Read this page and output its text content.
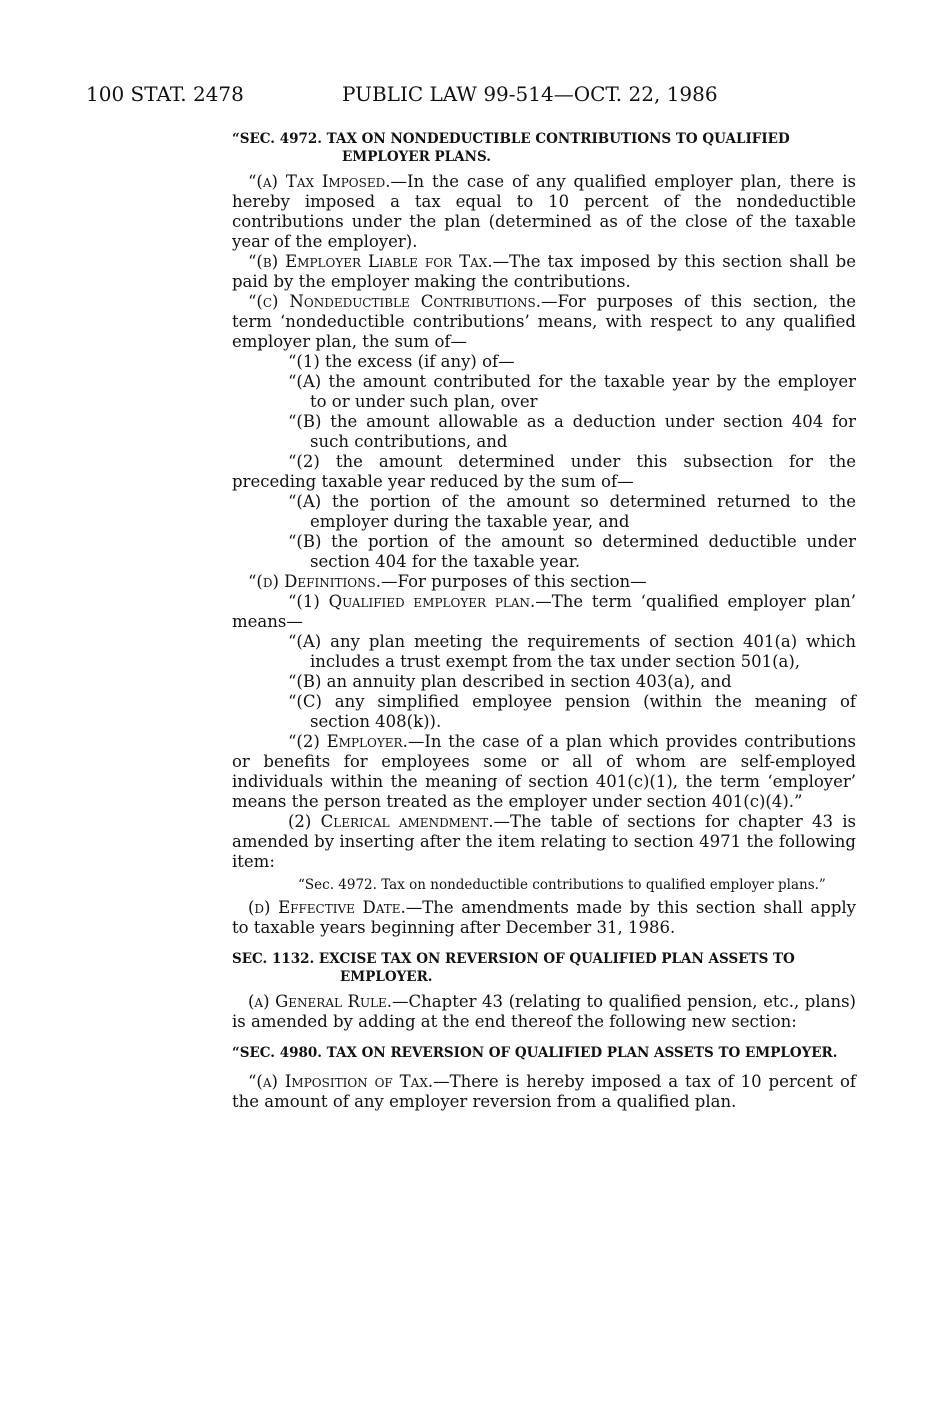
100 STAT. 2478	PUBLIC LAW 99-514—OCT. 22, 1986
“SEC. 4972. TAX ON NONDEDUCTIBLE CONTRIBUTIONS TO QUALIFIED EMPLOYER PLANS.

“(a) Tax Imposed.—In the case of any qualified employer plan, there is hereby imposed a tax equal to 10 percent of the nondeductible contributions under the plan (determined as of the close of the taxable year of the employer).

“(b) Employer Liable for Tax.—The tax imposed by this section shall be paid by the employer making the contributions.

“(c) Nondeductible Contributions.—For purposes of this section, the term ‘nondeductible contributions’ means, with respect to any qualified employer plan, the sum of—

“(1) the excess (if any) of—

“(A) the amount contributed for the taxable year by the employer to or under such plan, over

“(B) the amount allowable as a deduction under section 404 for such contributions, and

“(2) the amount determined under this subsection for the preceding taxable year reduced by the sum of—

“(A) the portion of the amount so determined returned to the employer during the taxable year, and

“(B) the portion of the amount so determined deductible under section 404 for the taxable year.

“(d) Definitions.—For purposes of this section—

“(1) Qualified employer plan.—The term ‘qualified employer plan’ means—

“(A) any plan meeting the requirements of section 401(a) which includes a trust exempt from the tax under section 501(a),

“(B) an annuity plan described in section 403(a), and

“(C) any simplified employee pension (within the meaning of section 408(k)).

“(2) Employer.—In the case of a plan which provides contributions or benefits for employees some or all of whom are self-employed individuals within the meaning of section 401(c)(1), the term ‘employer’ means the person treated as the employer under section 401(c)(4).”

(2) Clerical amendment.—The table of sections for chapter 43 is amended by inserting after the item relating to section 4971 the following item:

“Sec. 4972. Tax on nondeductible contributions to qualified employer plans.”

(d) Effective Date.—The amendments made by this section shall apply to taxable years beginning after December 31, 1986.

SEC. 1132. EXCISE TAX ON REVERSION OF QUALIFIED PLAN ASSETS TO EMPLOYER.

(a) General Rule.—Chapter 43 (relating to qualified pension, etc., plans) is amended by adding at the end thereof the following new section:

“SEC. 4980. TAX ON REVERSION OF QUALIFIED PLAN ASSETS TO EMPLOYER.

“(a) Imposition of Tax.—There is hereby imposed a tax of 10 percent of the amount of any employer reversion from a qualified plan.
